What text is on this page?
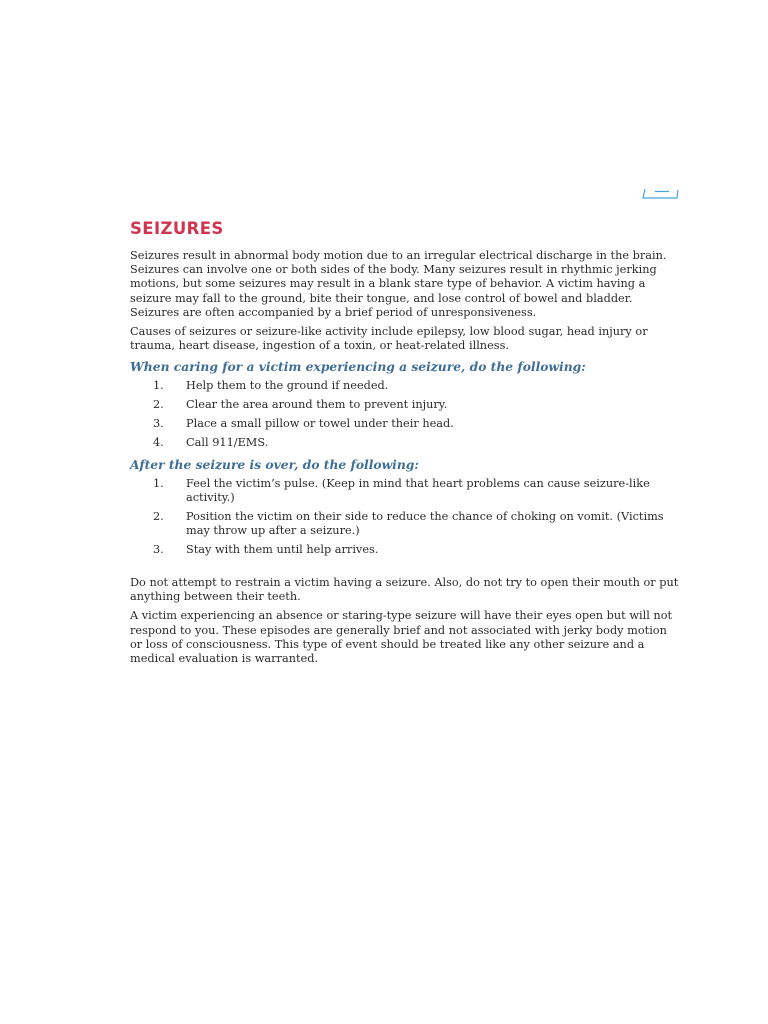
SEIZURES

Seizures result in abnormal body motion due to an irregular electrical discharge in the brain. Seizures can involve one or both sides of the body. Many seizures result in rhythmic jerking motions, but some seizures may result in a blank stare type of behavior. A victim having a seizure may fall to the ground, bite their tongue, and lose control of bowel and bladder. Seizures are often accompanied by a brief period of unresponsiveness.

Causes of seizures or seizure-like activity include epilepsy, low blood sugar, head injury or trauma, heart disease, ingestion of a toxin, or heat-related illness.

When caring for a victim experiencing a seizure, do the following:
1.	Help them to the ground if needed.
2.	Clear the area around them to prevent injury.
3.	Place a small pillow or towel under their head.
4.	Call 911/EMS.
After the seizure is over, do the following:
1.	Feel the victim’s pulse. (Keep in mind that heart problems can cause seizure-like activity.)
2.	Position the victim on their side to reduce the chance of choking on vomit. (Victims may throw up after a seizure.)
3.	Stay with them until help arrives.

Do not attempt to restrain a victim having a seizure. Also, do not try to open their mouth or put anything between their teeth.

A victim experiencing an absence or staring-type seizure will have their eyes open but will not respond to you. These episodes are generally brief and not associated with jerky body motion or loss of consciousness. This type of event should be treated like any other seizure and a medical evaluation is warranted.
